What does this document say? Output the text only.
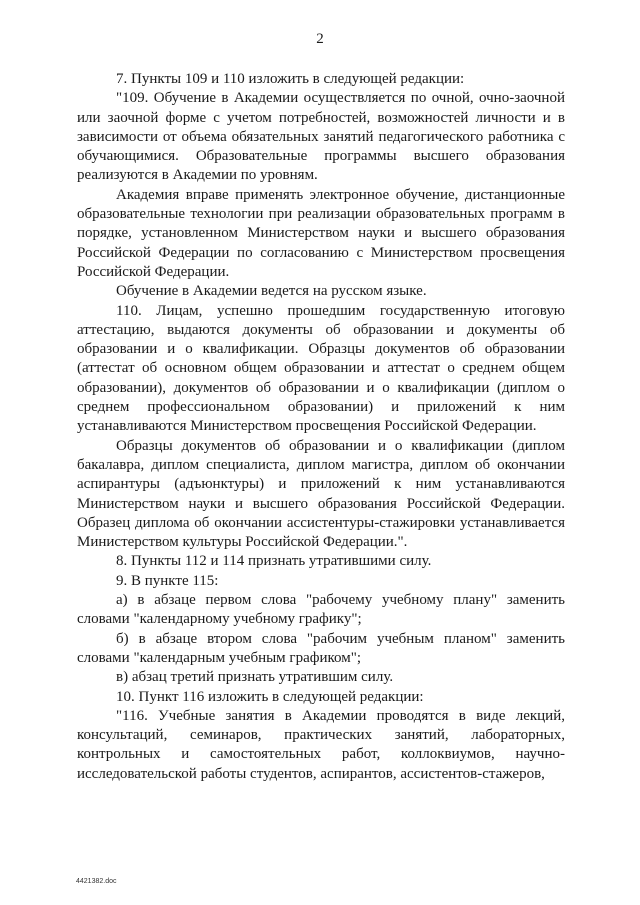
2

7. Пункты 109 и 110 изложить в следующей редакции:

"109. Обучение в Академии осуществляется по очной, очно-заочной или заочной форме с учетом потребностей, возможностей личности и в зависимости от объема обязательных занятий педагогического работника с обучающимися. Образовательные программы высшего образования реализуются в Академии по уровням.

Академия вправе применять электронное обучение, дистанционные образовательные технологии при реализации образовательных программ в порядке, установленном Министерством науки и высшего образования Российской Федерации по согласованию с Министерством просвещения Российской Федерации.

Обучение в Академии ведется на русском языке.

110. Лицам, успешно прошедшим государственную итоговую аттестацию, выдаются документы об образовании и документы об образовании и о квалификации. Образцы документов об образовании (аттестат об основном общем образовании и аттестат о среднем общем образовании), документов об образовании и о квалификации (диплом о среднем профессиональном образовании) и приложений к ним устанавливаются Министерством просвещения Российской Федерации.

Образцы документов об образовании и о квалификации (диплом бакалавра, диплом специалиста, диплом магистра, диплом об окончании аспирантуры (адъюнктуры) и приложений к ним устанавливаются Министерством науки и высшего образования Российской Федерации. Образец диплома об окончании ассистентуры-стажировки устанавливается Министерством культуры Российской Федерации.".

8. Пункты 112 и 114 признать утратившими силу.

9. В пункте 115:

а) в абзаце первом слова "рабочему учебному плану" заменить словами "календарному учебному графику";

б) в абзаце втором слова "рабочим учебным планом" заменить словами "календарным учебным графиком";

в) абзац третий признать утратившим силу.

10. Пункт 116 изложить в следующей редакции:

"116. Учебные занятия в Академии проводятся в виде лекций, консультаций, семинаров, практических занятий, лабораторных, контрольных и самостоятельных работ, коллоквиумов, научно-исследовательской работы студентов, аспирантов, ассистентов-стажеров,

4421382.doc
